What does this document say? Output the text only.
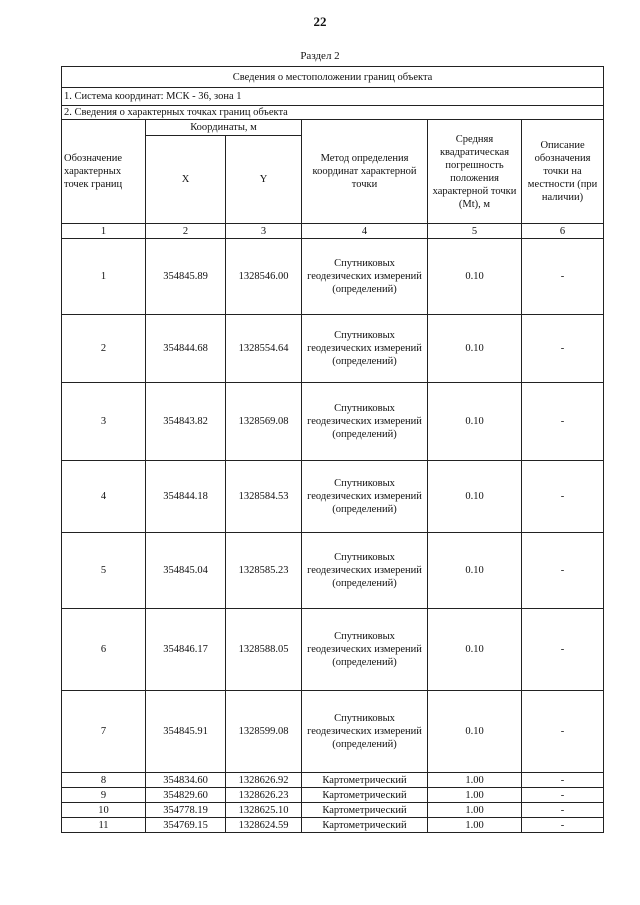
22
Раздел 2
Сведения о местоположении границ объекта					
1. Система координат: МСК - 36, зона 1					
2. Сведения о характерных точках границ объекта					
Обозначение характерных точек границ	Координаты, м		Метод определения координат характерной точки	Средняя квадратическая погрешность положения характерной точки (Mt), м	Описание обозначения точки на местности (при наличии)
	X	Y			
1	2	3	4	5	6
1	354845.89	1328546.00	Спутниковых геодезических измерений (определений)	0.10	-
2	354844.68	1328554.64	Спутниковых геодезических измерений (определений)	0.10	-
3	354843.82	1328569.08	Спутниковых геодезических измерений (определений)	0.10	-
4	354844.18	1328584.53	Спутниковых геодезических измерений (определений)	0.10	-
5	354845.04	1328585.23	Спутниковых геодезических измерений (определений)	0.10	-
6	354846.17	1328588.05	Спутниковых геодезических измерений (определений)	0.10	-
7	354845.91	1328599.08	Спутниковых геодезических измерений (определений)	0.10	-
8	354834.60	1328626.92	Картометрический	1.00	-
9	354829.60	1328626.23	Картометрический	1.00	-
10	354778.19	1328625.10	Картометрический	1.00	-
11	354769.15	1328624.59	Картометрический	1.00	-
